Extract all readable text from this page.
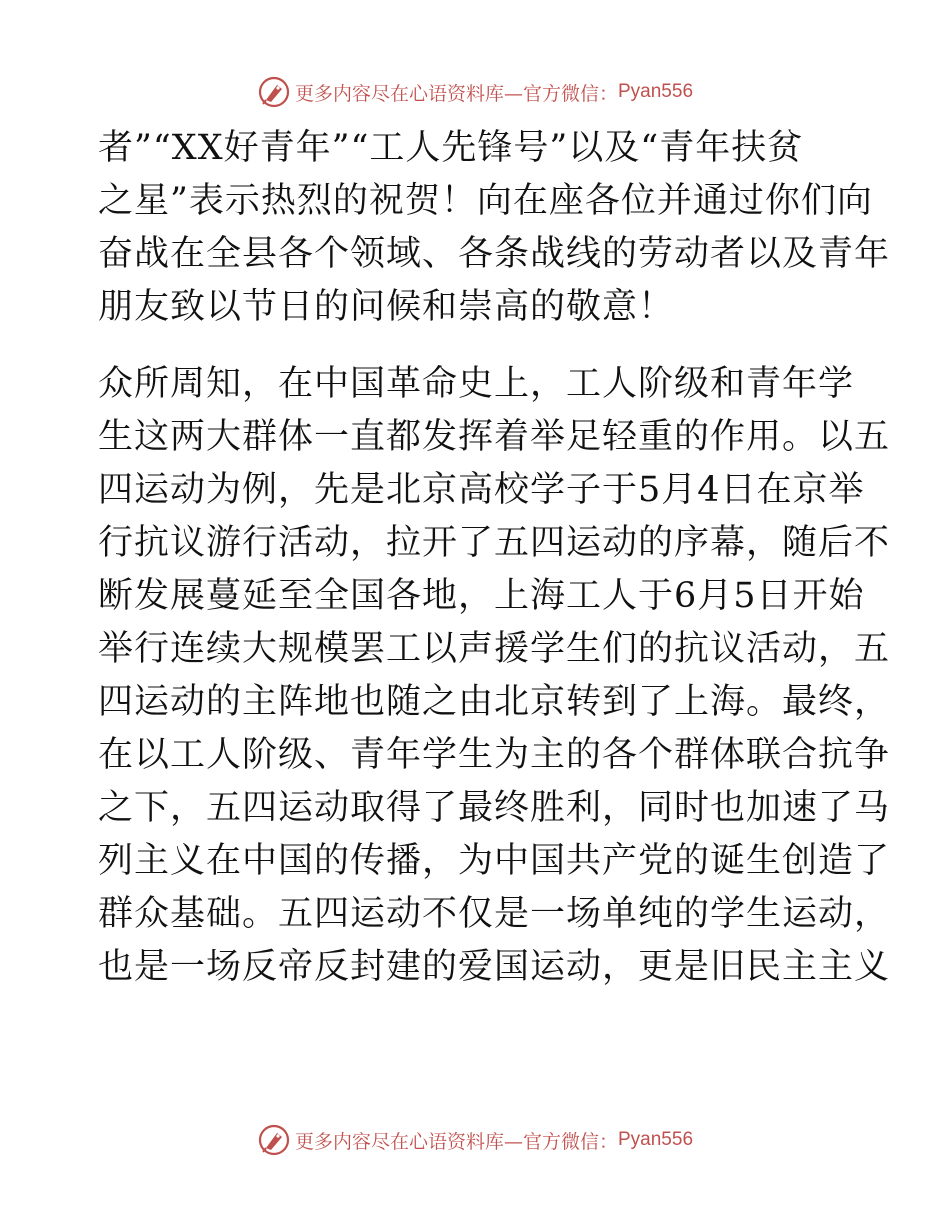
更多内容尽在心语资料库—官方微信： Pyan556
者”“XX好青年”“工人先锋号”以及“青年扶贫
之星”表示热烈的祝贺！向在座各位并通过你们向
奋战在全县各个领域、各条战线的劳动者以及青年
朋友致以节日的问候和崇高的敬意！
众所周知，在中国革命史上，工人阶级和青年学
生这两大群体一直都发挥着举足轻重的作用。以五
四运动为例，先是北京高校学子于5月4日在京举
行抗议游行活动，拉开了五四运动的序幕，随后不
断发展蔓延至全国各地，上海工人于6月5日开始
举行连续大规模罢工以声援学生们的抗议活动，五
四运动的主阵地也随之由北京转到了上海。最终，
在以工人阶级、青年学生为主的各个群体联合抗争
之下，五四运动取得了最终胜利，同时也加速了马
列主义在中国的传播，为中国共产党的诞生创造了
群众基础。五四运动不仅是一场单纯的学生运动，
也是一场反帝反封建的爱国运动，更是旧民主主义
更多内容尽在心语资料库—官方微信： Pyan556
